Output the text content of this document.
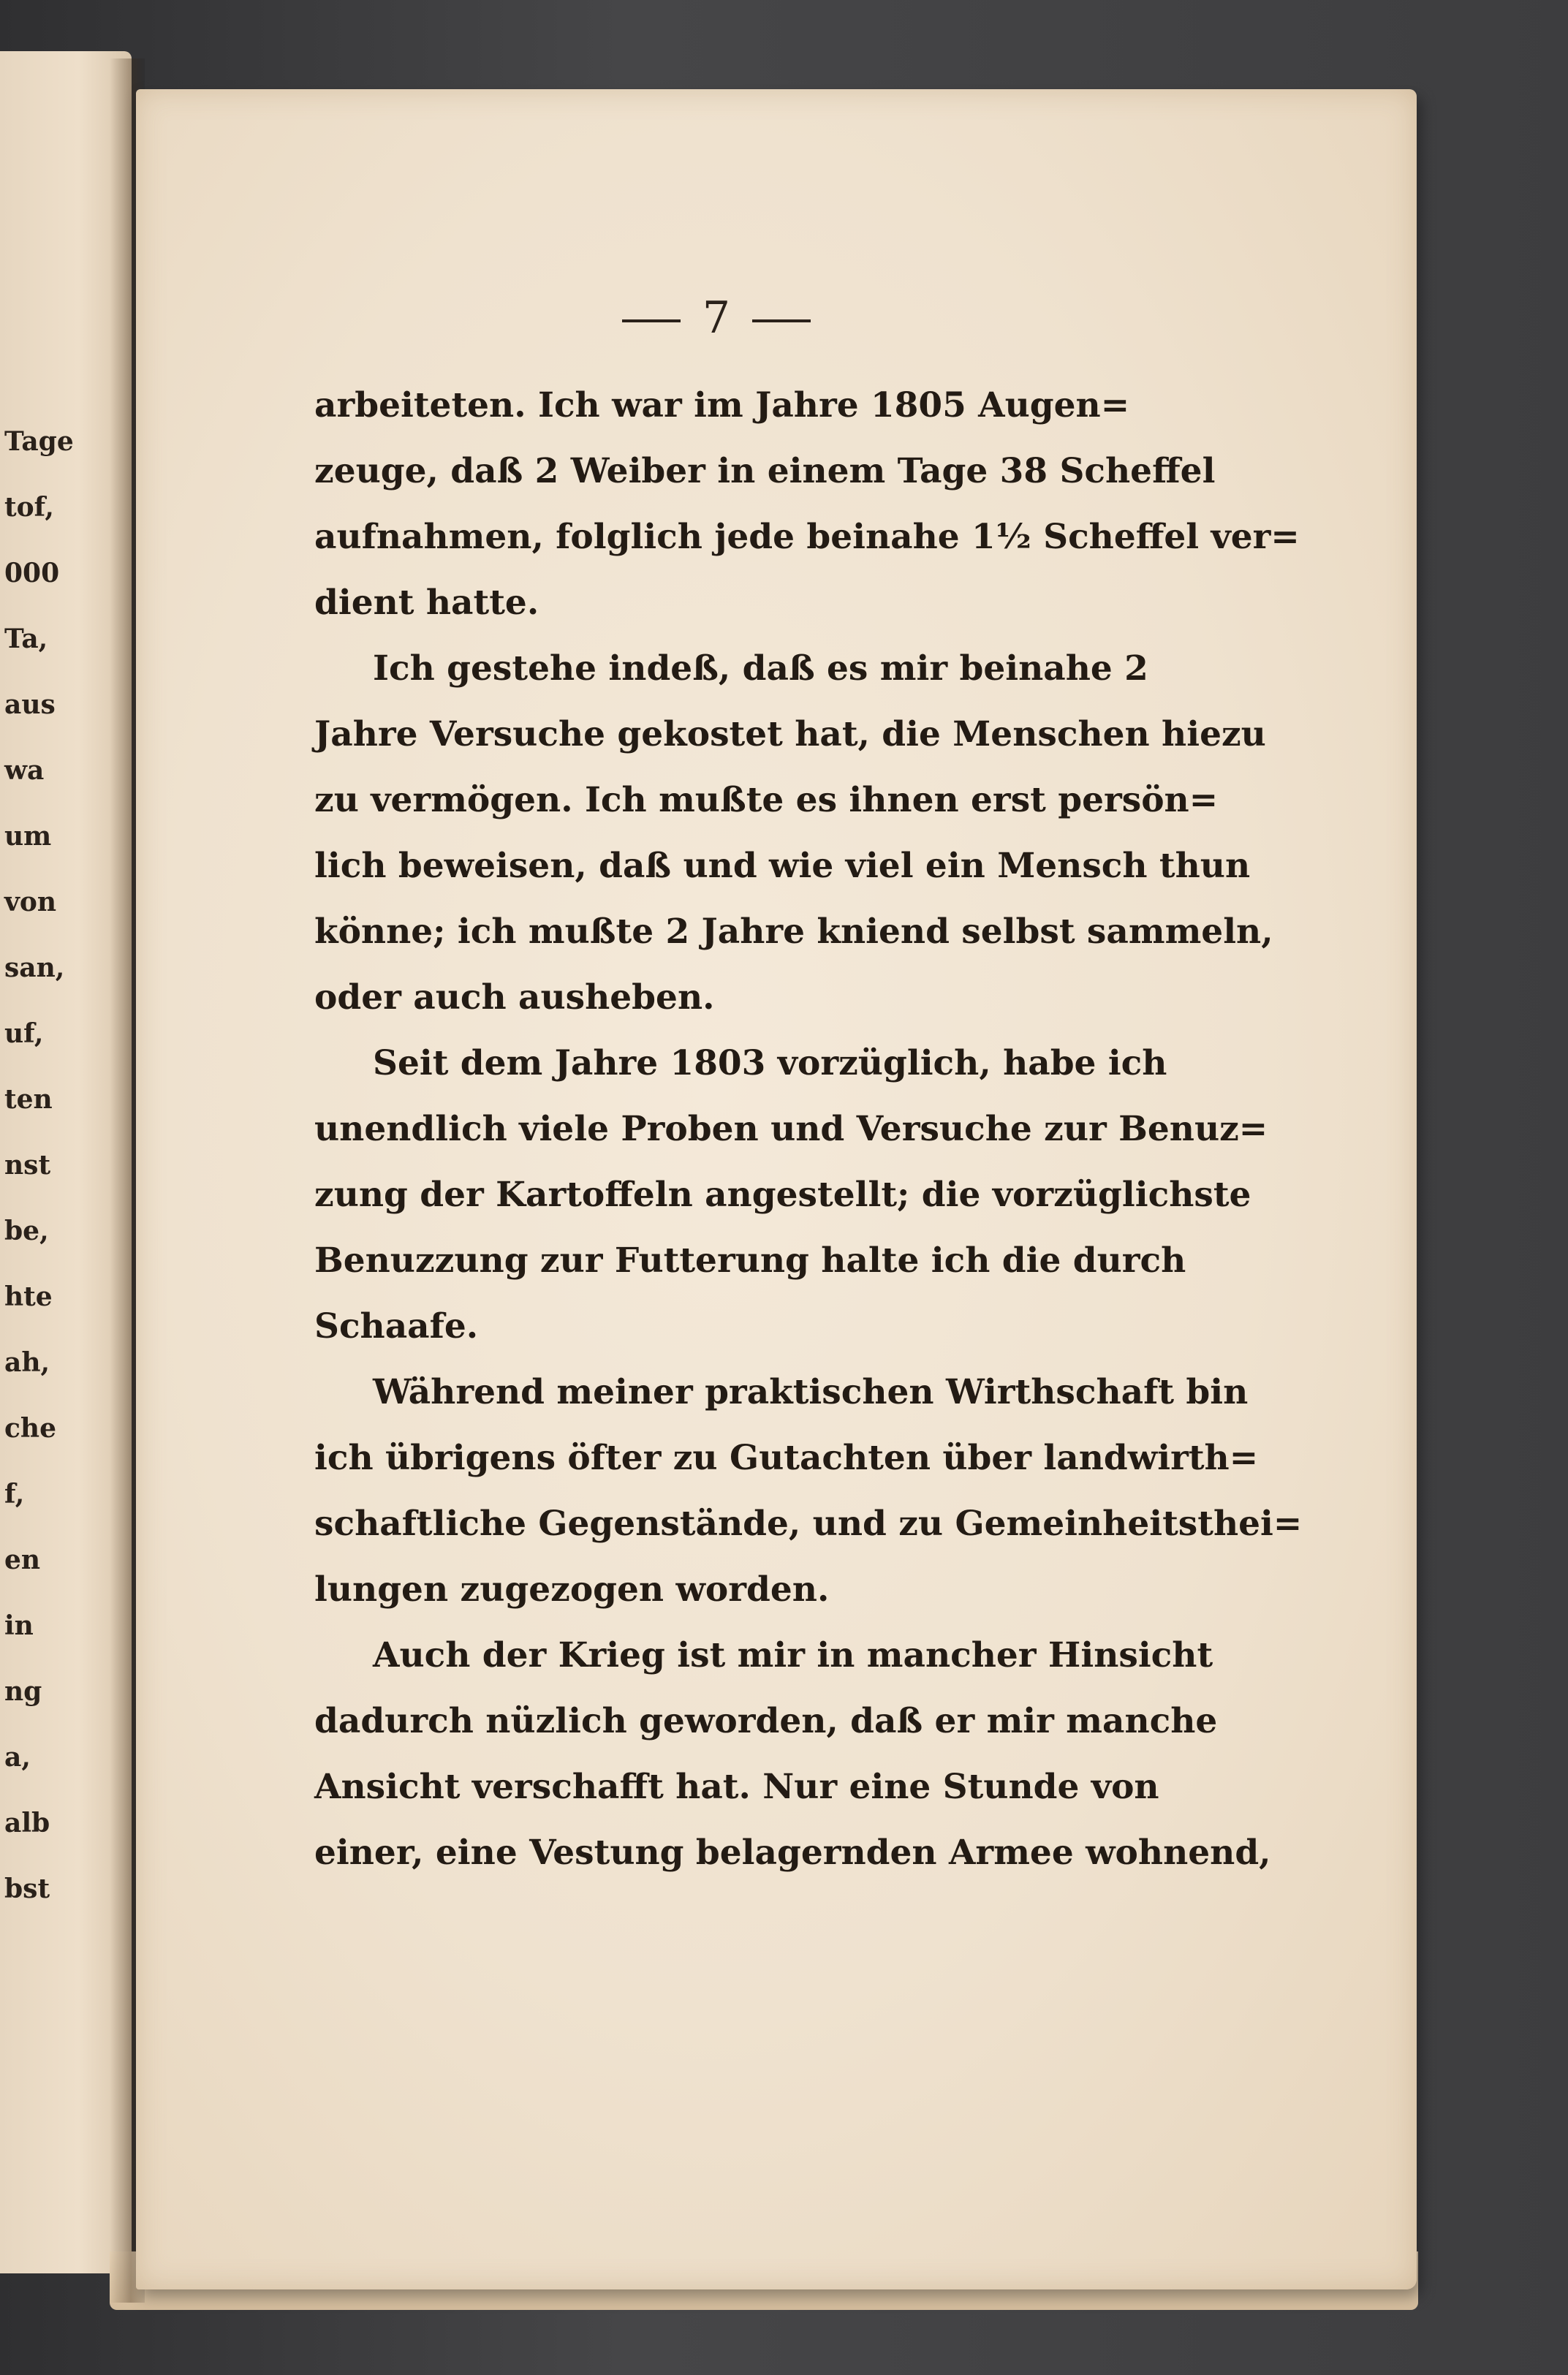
Tage
tof,
000
Ta,
aus
wa
um
von
san,
uf,
ten
nst
be,
hte
ah,
che
f,
en
in
ng
a,
alb
bst
7
arbeiteten. Ich war im Jahre 1805 Augen=
zeuge, daß 2 Weiber in einem Tage 38 Scheffel
aufnahmen, folglich jede beinahe 1½ Scheffel ver=
dient hatte.
Ich gestehe indeß, daß es mir beinahe 2
Jahre Versuche gekostet hat, die Menschen hiezu
zu vermögen. Ich mußte es ihnen erst persön=
lich beweisen, daß und wie viel ein Mensch thun
könne; ich mußte 2 Jahre kniend selbst sammeln,
oder auch ausheben.
Seit dem Jahre 1803 vorzüglich, habe ich
unendlich viele Proben und Versuche zur Benuz=
zung der Kartoffeln angestellt; die vorzüglichste
Benuzzung zur Futterung halte ich die durch
Schaafe.
Während meiner praktischen Wirthschaft bin
ich übrigens öfter zu Gutachten über landwirth=
schaftliche Gegenstände, und zu Gemeinheitsthei=
lungen zugezogen worden.
Auch der Krieg ist mir in mancher Hinsicht
dadurch nüzlich geworden, daß er mir manche
Ansicht verschafft hat. Nur eine Stunde von
einer, eine Vestung belagernden Armee wohnend,
